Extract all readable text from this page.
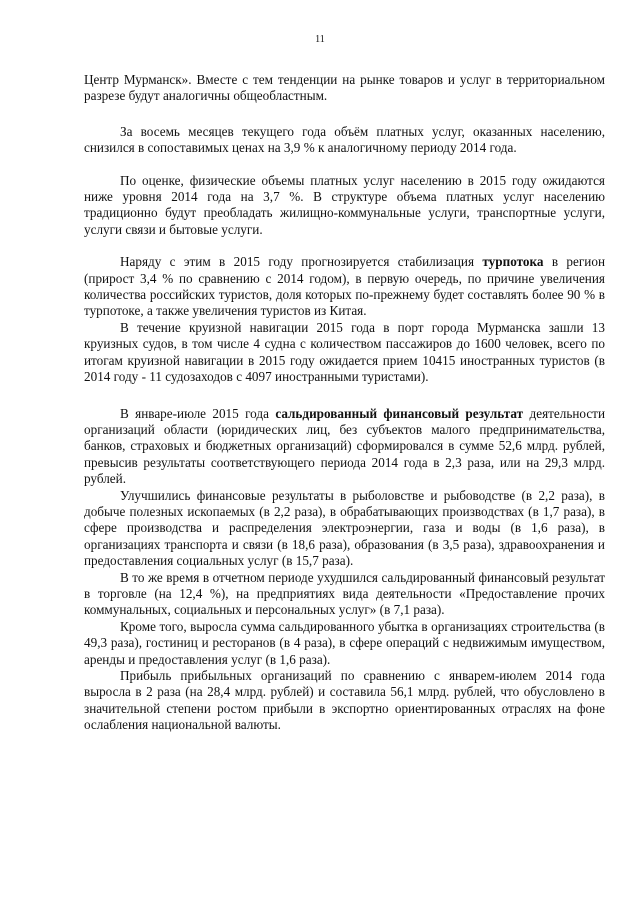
11

Центр Мурманск». Вместе с тем тенденции на рынке товаров и услуг в территориальном разрезе будут аналогичны общеобластным.

За восемь месяцев текущего года объём платных услуг, оказанных населению, снизился в сопоставимых ценах на 3,9 % к аналогичному периоду 2014 года.

По оценке, физические объемы платных услуг населению в 2015 году ожидаются ниже уровня 2014 года на 3,7 %. В структуре объема платных услуг населению традиционно будут преобладать жилищно-коммунальные услуги, транспортные услуги, услуги связи и бытовые услуги.

Наряду с этим в 2015 году прогнозируется стабилизация турпотока в регион (прирост 3,4 % по сравнению с 2014 годом), в первую очередь, по причине увеличения количества российских туристов, доля которых по-прежнему будет составлять более 90 % в турпотоке, а также увеличения туристов из Китая.

В течение круизной навигации 2015 года в порт города Мурманска зашли 13 круизных судов, в том числе 4 судна с количеством пассажиров до 1600 человек, всего по итогам круизной навигации в 2015 году ожидается прием 10415 иностранных туристов (в 2014 году - 11 судозаходов с 4097 иностранными туристами).

В январе-июле 2015 года сальдированный финансовый результат деятельности организаций области (юридических лиц, без субъектов малого предпринимательства, банков, страховых и бюджетных организаций) сформировался в сумме 52,6 млрд. рублей, превысив результаты соответствующего периода 2014 года в 2,3 раза, или на 29,3 млрд. рублей.

Улучшились финансовые результаты в рыболовстве и рыбоводстве (в 2,2 раза), в добыче полезных ископаемых (в 2,2 раза), в обрабатывающих производствах (в 1,7 раза), в сфере производства и распределения электроэнергии, газа и воды (в 1,6 раза), в организациях транспорта и связи (в 18,6 раза), образования (в 3,5 раза), здравоохранения и предоставления социальных услуг (в 15,7 раза).

В то же время в отчетном периоде ухудшился сальдированный финансовый результат в торговле (на 12,4 %), на предприятиях вида деятельности «Предоставление прочих коммунальных, социальных и персональных услуг» (в 7,1 раза).

Кроме того, выросла сумма сальдированного убытка в организациях строительства (в 49,3 раза), гостиниц и ресторанов (в 4 раза), в сфере операций с недвижимым имуществом, аренды и предоставления услуг (в 1,6 раза).

Прибыль прибыльных организаций по сравнению с январем-июлем 2014 года выросла в 2 раза (на 28,4 млрд. рублей) и составила 56,1 млрд. рублей, что обусловлено в значительной степени ростом прибыли в экспортно ориентированных отраслях на фоне ослабления национальной валюты.
